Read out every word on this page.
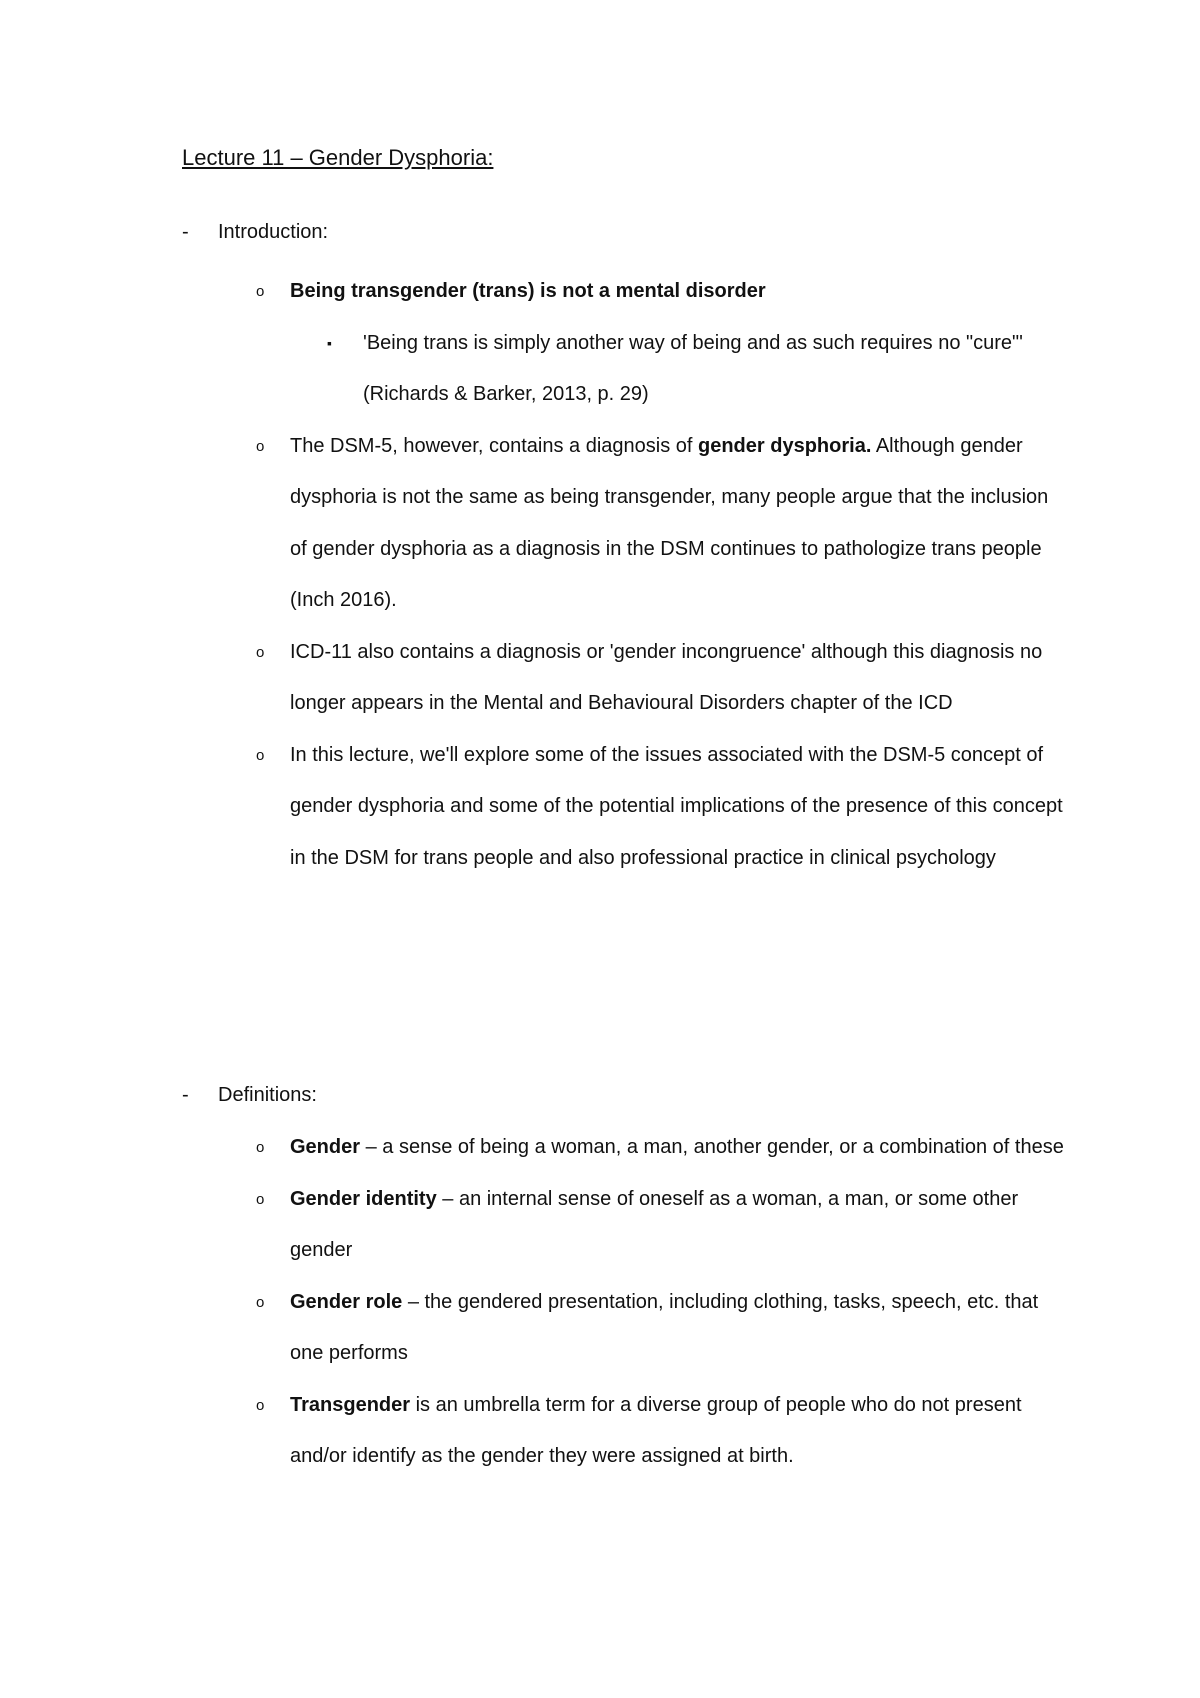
Lecture 11 – Gender Dysphoria:
- Introduction:
o Being transgender (trans) is not a mental disorder
▪ 'Being trans is simply another way of being and as such requires no "cure"' (Richards & Barker, 2013, p. 29)
o The DSM-5, however, contains a diagnosis of gender dysphoria. Although gender dysphoria is not the same as being transgender, many people argue that the inclusion of gender dysphoria as a diagnosis in the DSM continues to pathologize trans people (Inch 2016).
o ICD-11 also contains a diagnosis or 'gender incongruence' although this diagnosis no longer appears in the Mental and Behavioural Disorders chapter of the ICD
o In this lecture, we'll explore some of the issues associated with the DSM-5 concept of gender dysphoria and some of the potential implications of the presence of this concept in the DSM for trans people and also professional practice in clinical psychology
- Definitions:
o Gender – a sense of being a woman, a man, another gender, or a combination of these
o Gender identity – an internal sense of oneself as a woman, a man, or some other gender
o Gender role – the gendered presentation, including clothing, tasks, speech, etc. that one performs
o Transgender is an umbrella term for a diverse group of people who do not present and/or identify as the gender they were assigned at birth.
